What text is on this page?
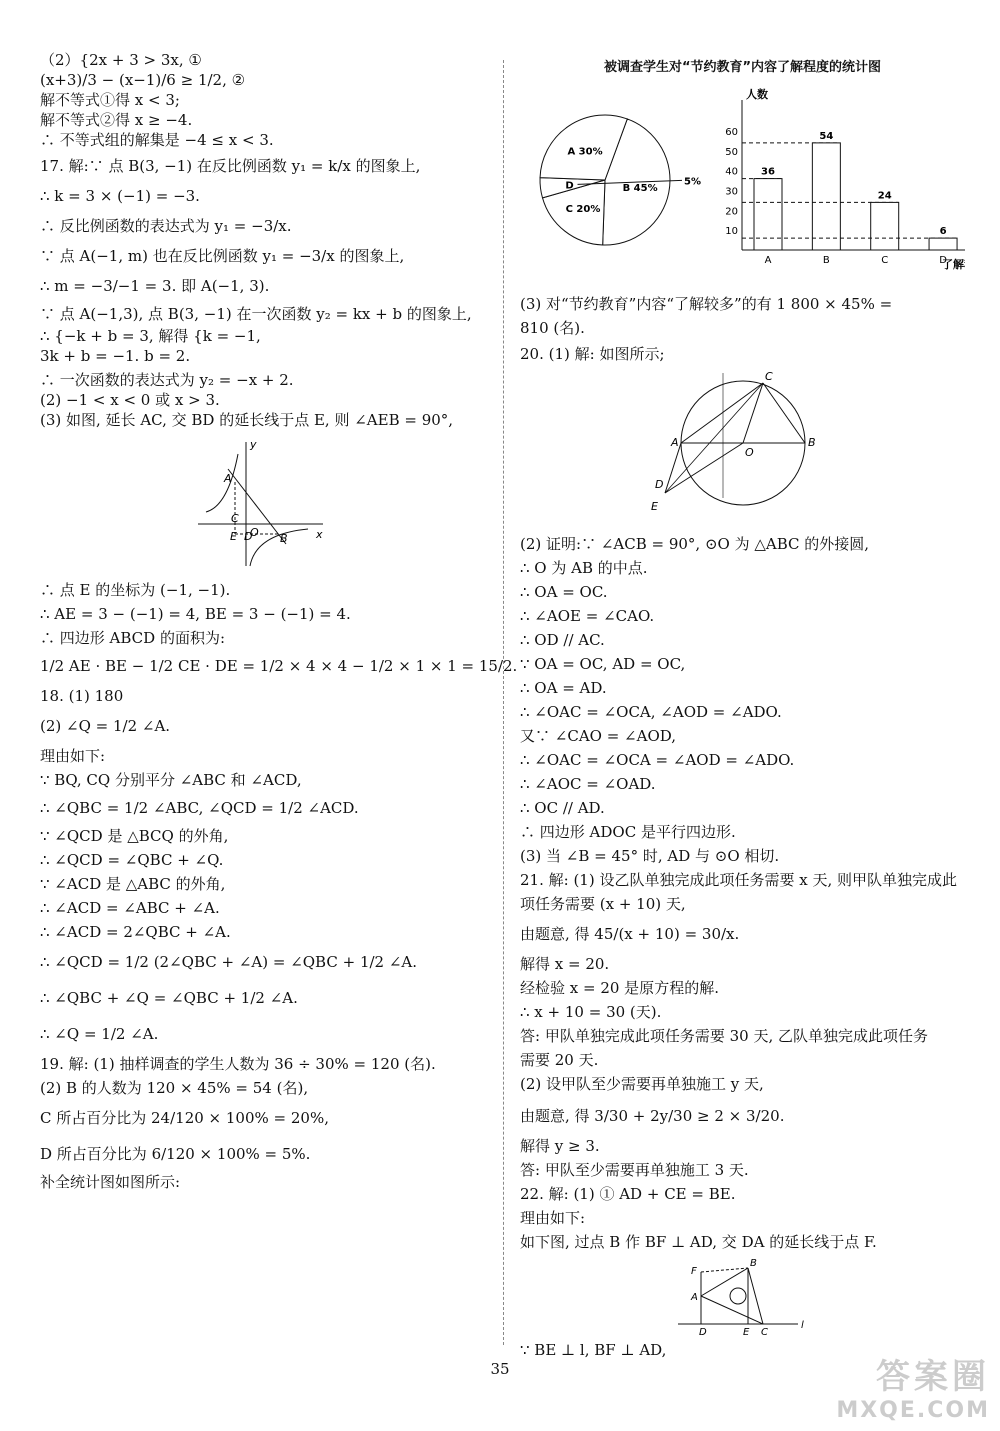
（2）{2x + 3 > 3x, ①
(x+3)/3 − (x−1)/6 ≥ 1/2, ②
解不等式①得 x < 3;
解不等式②得 x ≥ −4.
∴ 不等式组的解集是 −4 ≤ x < 3.
17. 解:∵ 点 B(3, −1) 在反比例函数 y₁ = k/x 的图象上,
∴ k = 3 × (−1) = −3.
∴ 反比例函数的表达式为 y₁ = −3/x.
∵ 点 A(−1, m) 也在反比例函数 y₁ = −3/x 的图象上,
∴ m = −3/−1 = 3. 即 A(−1, 3).
∵ 点 A(−1,3), 点 B(3, −1) 在一次函数 y₂ = kx + b 的图象上,
∴ {−k + b = 3, 解得 {k = −1,
3k + b = −1. b = 2.
∴ 一次函数的表达式为 y₂ = −x + 2.
(2) −1 < x < 0 或 x > 3.
(3) 如图, 延长 AC, 交 BD 的延长线于点 E, 则 ∠AEB = 90°,
A
C
E D
O B	x
y
∴ 点 E 的坐标为 (−1, −1).
∴ AE = 3 − (−1) = 4, BE = 3 − (−1) = 4.
∴ 四边形 ABCD 的面积为:
1/2 AE · BE − 1/2 CE · DE = 1/2 × 4 × 4 − 1/2 × 1 × 1 = 15/2.
18. (1) 180
(2) ∠Q = 1/2 ∠A.
理由如下:
∵ BQ, CQ 分别平分 ∠ABC 和 ∠ACD,
∴ ∠QBC = 1/2 ∠ABC, ∠QCD = 1/2 ∠ACD.
∵ ∠QCD 是 △BCQ 的外角,
∴ ∠QCD = ∠QBC + ∠Q.
∵ ∠ACD 是 △ABC 的外角,
∴ ∠ACD = ∠ABC + ∠A.
∴ ∠ACD = 2∠QBC + ∠A.
∴ ∠QCD = 1/2 (2∠QBC + ∠A) = ∠QBC + 1/2 ∠A.
∴ ∠QBC + ∠Q = ∠QBC + 1/2 ∠A.
∴ ∠Q = 1/2 ∠A.
19. 解: (1) 抽样调查的学生人数为 36 ÷ 30% = 120 (名).
(2) B 的人数为 120 × 45% = 54 (名),
C 所占百分比为 24/120 × 100% = 20%,
D 所占百分比为 6/120 × 100% = 5%.
补全统计图如图所示:
被调查学生对“节约教育”内容了解程度的统计图
B 45%
C 20%
D	5%
A 30%
10
20
30
40
50
60
人数
了解
36
A
54
B
24
C
6
D
(3) 对“节约教育”内容“了解较多”的有 1 800 × 45% =
810 (名).
20. (1) 解: 如图所示;
C
A
O
B
D
E
(2) 证明:∵ ∠ACB = 90°, ⊙O 为 △ABC 的外接圆,
∴ O 为 AB 的中点.
∴ OA = OC.
∴ ∠AOE = ∠CAO.
∴ OD // AC.
∵ OA = OC, AD = OC,
∴ OA = AD.
∴ ∠OAC = ∠OCA, ∠AOD = ∠ADO.
又∵ ∠CAO = ∠AOD,
∴ ∠OAC = ∠OCA = ∠AOD = ∠ADO.
∴ ∠AOC = ∠OAD.
∴ OC // AD.
∴ 四边形 ADOC 是平行四边形.
(3) 当 ∠B = 45° 时, AD 与 ⊙O 相切.
21. 解: (1) 设乙队单独完成此项任务需要 x 天, 则甲队单独完成此
项任务需要 (x + 10) 天,
由题意, 得 45/(x + 10) = 30/x.
解得 x = 20.
经检验 x = 20 是原方程的解.
∴ x + 10 = 30 (天).
答: 甲队单独完成此项任务需要 30 天, 乙队单独完成此项任务
需要 20 天.
(2) 设甲队至少需要再单独施工 y 天,
由题意, 得 3/30 + 2y/30 ≥ 2 × 3/20.
解得 y ≥ 3.
答: 甲队至少需要再单独施工 3 天.
22. 解: (1) ① AD + CE = BE.
理由如下:
如下图, 过点 B 作 BF ⊥ AD, 交 DA 的延长线于点 F.
F
B
A
D	E C
l
∵ BE ⊥ l, BF ⊥ AD,
35	答案圈
MXQE.COM
